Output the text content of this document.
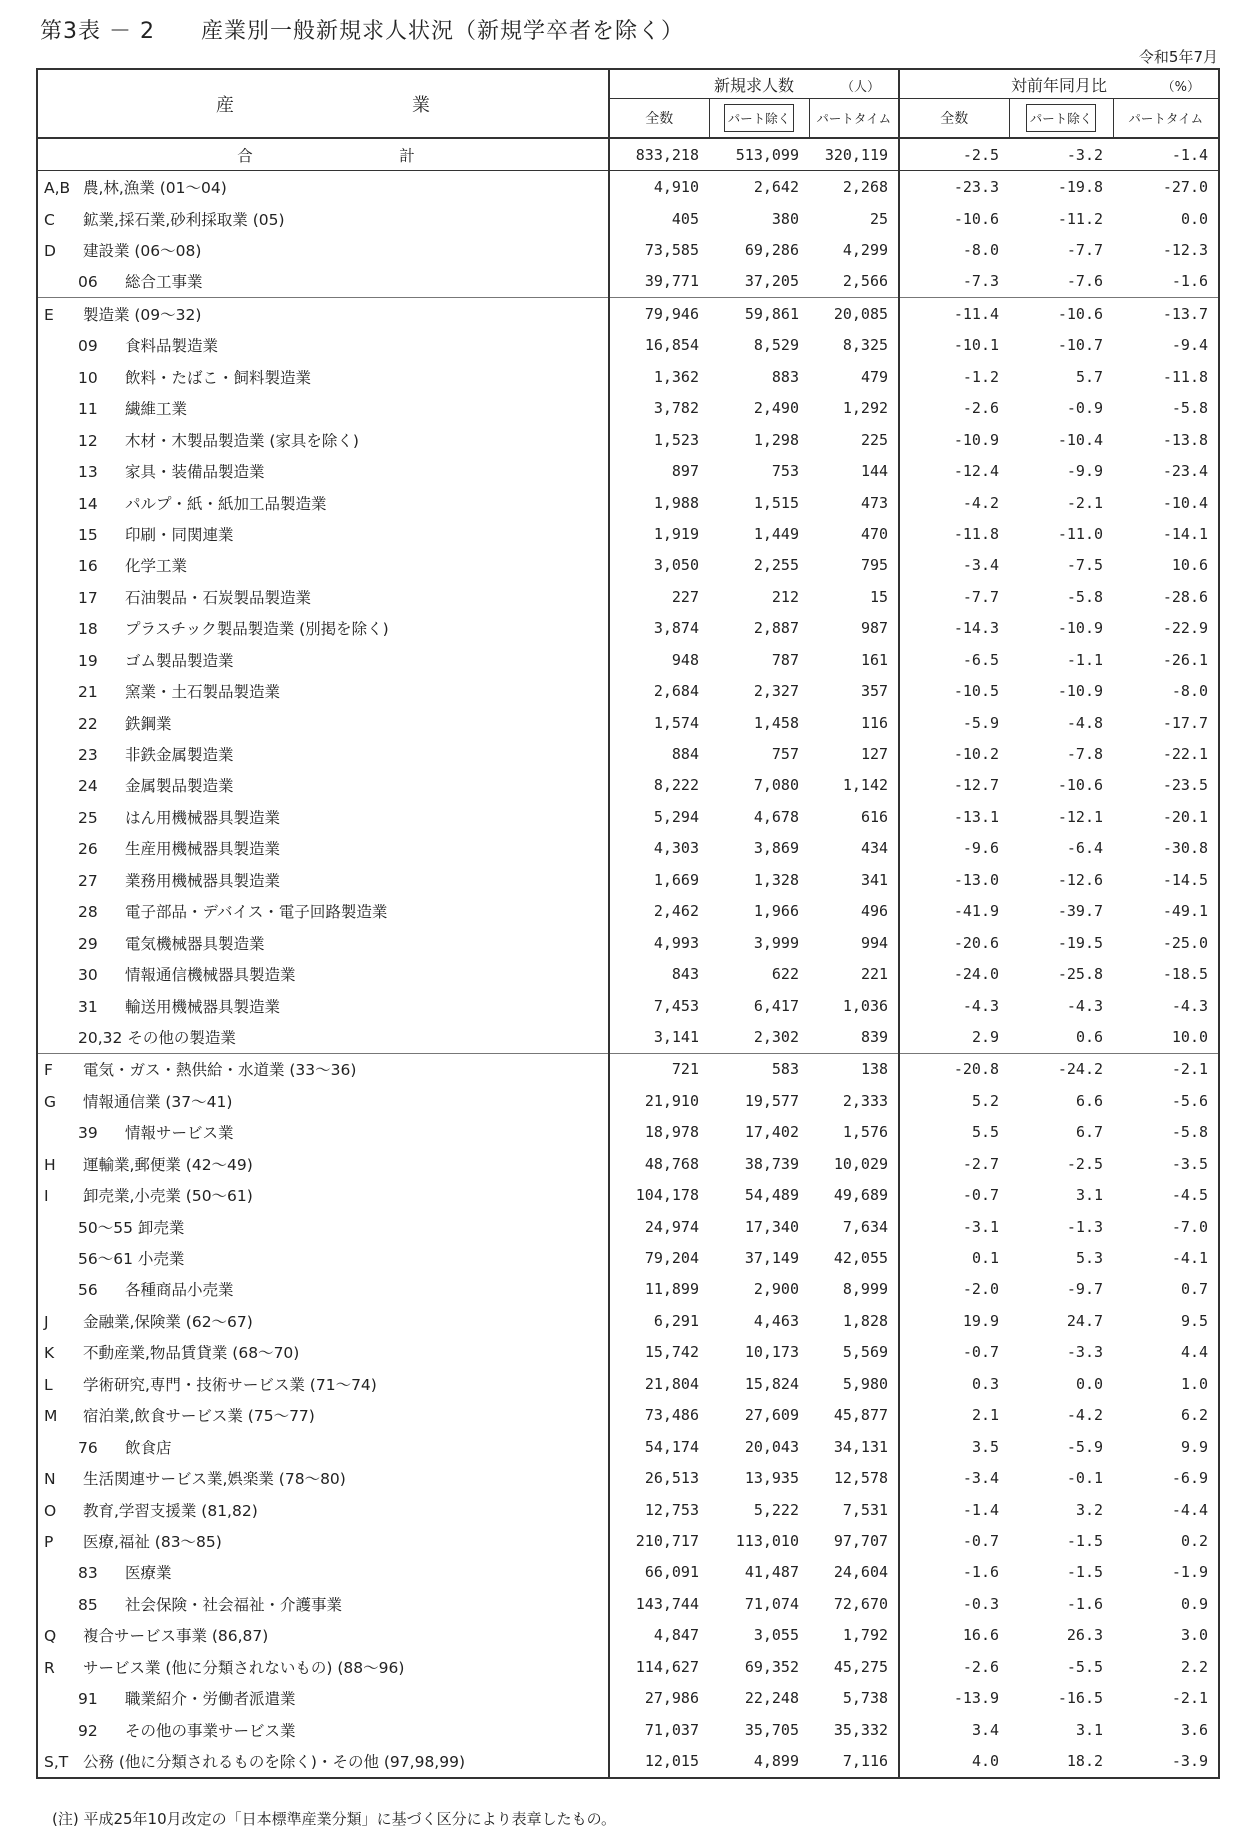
第3表 － 2　　産業別一般新規求人状況（新規学卒者を除く）
令和5年7月
産　業	新規求人数 （人）			対前年同月比 （%）		

	全数	パート除く	パートタイム	全数	パート除く	パートタイム

合 計	833,218	513,099	320,119	-2.5	-3.2	-1.4
A,B 農,林,漁業 (01～04)	4,910	2,642	2,268	-23.3	-19.8	-27.0
C 鉱業,採石業,砂利採取業 (05)	405	380	25	-10.6	-11.2	0.0
D 建設業 (06～08)	73,585	69,286	4,299	-8.0	-7.7	-12.3
06 総合工事業	39,771	37,205	2,566	-7.3	-7.6	-1.6
E 製造業 (09～32)	79,946	59,861	20,085	-11.4	-10.6	-13.7
09 食料品製造業	16,854	8,529	8,325	-10.1	-10.7	-9.4
10 飲料・たばこ・飼料製造業	1,362	883	479	-1.2	5.7	-11.8
11 繊維工業	3,782	2,490	1,292	-2.6	-0.9	-5.8
12 木材・木製品製造業 (家具を除く)	1,523	1,298	225	-10.9	-10.4	-13.8
13 家具・装備品製造業	897	753	144	-12.4	-9.9	-23.4
14 パルプ・紙・紙加工品製造業	1,988	1,515	473	-4.2	-2.1	-10.4
15 印刷・同関連業	1,919	1,449	470	-11.8	-11.0	-14.1
16 化学工業	3,050	2,255	795	-3.4	-7.5	10.6
17 石油製品・石炭製品製造業	227	212	15	-7.7	-5.8	-28.6
18 プラスチック製品製造業 (別掲を除く)	3,874	2,887	987	-14.3	-10.9	-22.9
19 ゴム製品製造業	948	787	161	-6.5	-1.1	-26.1
21 窯業・土石製品製造業	2,684	2,327	357	-10.5	-10.9	-8.0
22 鉄鋼業	1,574	1,458	116	-5.9	-4.8	-17.7
23 非鉄金属製造業	884	757	127	-10.2	-7.8	-22.1
24 金属製品製造業	8,222	7,080	1,142	-12.7	-10.6	-23.5
25 はん用機械器具製造業	5,294	4,678	616	-13.1	-12.1	-20.1
26 生産用機械器具製造業	4,303	3,869	434	-9.6	-6.4	-30.8
27 業務用機械器具製造業	1,669	1,328	341	-13.0	-12.6	-14.5
28 電子部品・デバイス・電子回路製造業	2,462	1,966	496	-41.9	-39.7	-49.1
29 電気機械器具製造業	4,993	3,999	994	-20.6	-19.5	-25.0
30 情報通信機械器具製造業	843	622	221	-24.0	-25.8	-18.5
31 輸送用機械器具製造業	7,453	6,417	1,036	-4.3	-4.3	-4.3
20,32 その他の製造業	3,141	2,302	839	2.9	0.6	10.0
F 電気・ガス・熱供給・水道業 (33～36)	721	583	138	-20.8	-24.2	-2.1
G 情報通信業 (37～41)	21,910	19,577	2,333	5.2	6.6	-5.6
39 情報サービス業	18,978	17,402	1,576	5.5	6.7	-5.8
H 運輸業,郵便業 (42～49)	48,768	38,739	10,029	-2.7	-2.5	-3.5
I 卸売業,小売業 (50～61)	104,178	54,489	49,689	-0.7	3.1	-4.5
50～55 卸売業	24,974	17,340	7,634	-3.1	-1.3	-7.0
56～61 小売業	79,204	37,149	42,055	0.1	5.3	-4.1
56 各種商品小売業	11,899	2,900	8,999	-2.0	-9.7	0.7
J 金融業,保険業 (62～67)	6,291	4,463	1,828	19.9	24.7	9.5
K 不動産業,物品賃貸業 (68～70)	15,742	10,173	5,569	-0.7	-3.3	4.4
L 学術研究,専門・技術サービス業 (71～74)	21,804	15,824	5,980	0.3	0.0	1.0
M 宿泊業,飲食サービス業 (75～77)	73,486	27,609	45,877	2.1	-4.2	6.2
76 飲食店	54,174	20,043	34,131	3.5	-5.9	9.9
N 生活関連サービス業,娯楽業 (78～80)	26,513	13,935	12,578	-3.4	-0.1	-6.9
O 教育,学習支援業 (81,82)	12,753	5,222	7,531	-1.4	3.2	-4.4
P 医療,福祉 (83～85)	210,717	113,010	97,707	-0.7	-1.5	0.2
83 医療業	66,091	41,487	24,604	-1.6	-1.5	-1.9
85 社会保険・社会福祉・介護事業	143,744	71,074	72,670	-0.3	-1.6	0.9
Q 複合サービス事業 (86,87)	4,847	3,055	1,792	16.6	26.3	3.0
R サービス業 (他に分類されないもの) (88～96)	114,627	69,352	45,275	-2.6	-5.5	2.2
91 職業紹介・労働者派遣業	27,986	22,248	5,738	-13.9	-16.5	-2.1
92 その他の事業サービス業	71,037	35,705	35,332	3.4	3.1	3.6
S,T 公務 (他に分類されるものを除く)・その他 (97,98,99)	12,015	4,899	7,116	4.0	18.2	-3.9
(注) 平成25年10月改定の「日本標準産業分類」に基づく区分により表章したもの。
